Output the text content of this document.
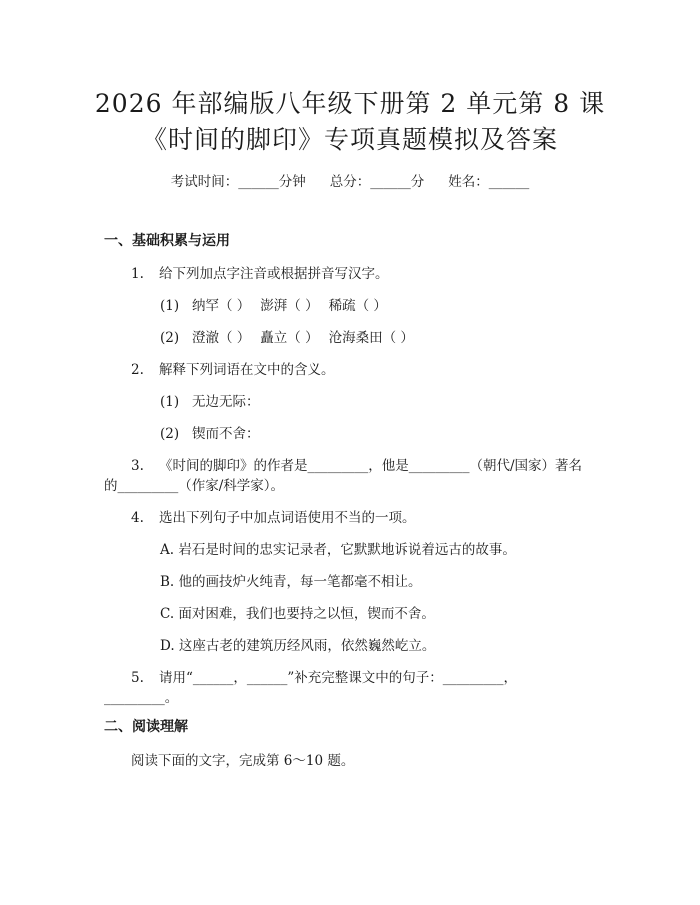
2026 年部编版八年级下册第 2 单元第 8 课
《时间的脚印》专项真题模拟及答案
考试时间：______分钟 总分：______分 姓名：______
一、基础积累与运用
1. 给下列加点字注音或根据拼音写汉字。
(1) 纳罕（ ） 澎湃（ ） 稀疏（ ）
(2) 澄澈（ ） 矗立（ ） 沧海桑田（ ）
2. 解释下列词语在文中的含义。
(1) 无边无际：
(2) 锲而不舍：
3. 《时间的脚印》的作者是_________，他是_________（朝代/国家）著名
的_________（作家/科学家）。
4. 选出下列句子中加点词语使用不当的一项。
A. 岩石是时间的忠实记录者，它默默地诉说着远古的故事。
B. 他的画技炉火纯青，每一笔都毫不相让。
C. 面对困难，我们也要持之以恒，锲而不舍。
D. 这座古老的建筑历经风雨，依然巍然屹立。
5. 请用“______，______”补充完整课文中的句子：_________，
_________。
二、阅读理解
阅读下面的文字，完成第 6～10 题。
